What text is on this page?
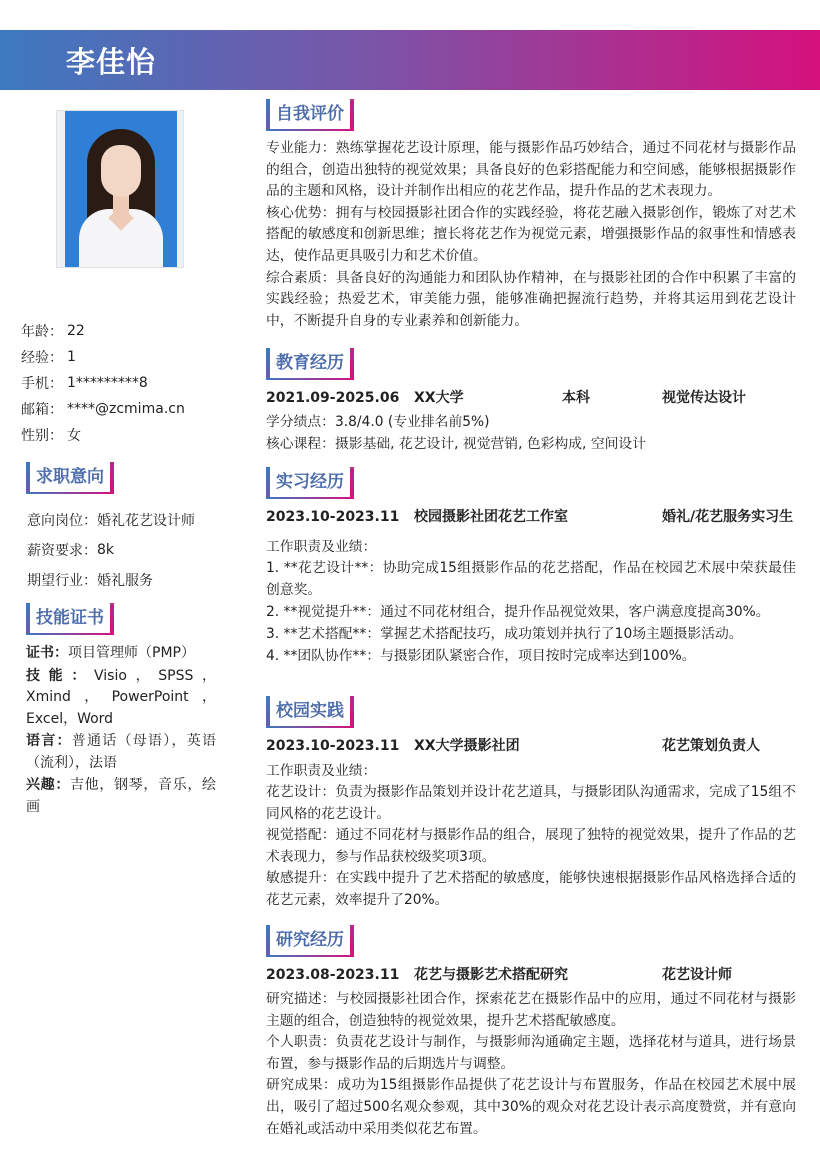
李佳怡
年龄： 22
经验： 1
手机： 1*********8
邮箱： ****@zcmima.cn
性别： 女
求职意向
意向岗位： 婚礼花艺设计师
薪资要求： 8k
期望行业： 婚礼服务
技能证书
证书：项目管理师（PMP）
技能：Visio，SPSS，Xmind，PowerPoint，Excel，Word
语言：普通话（母语），英语（流利），法语
兴趣：吉他，钢琴，音乐，绘画
自我评价

专业能力：熟练掌握花艺设计原理，能与摄影作品巧妙结合，通过不同花材与摄影作品的组合，创造出独特的视觉效果；具备良好的色彩搭配能力和空间感，能够根据摄影作品的主题和风格，设计并制作出相应的花艺作品，提升作品的艺术表现力。

核心优势：拥有与校园摄影社团合作的实践经验，将花艺融入摄影创作，锻炼了对艺术搭配的敏感度和创新思维；擅长将花艺作为视觉元素，增强摄影作品的叙事性和情感表达，使作品更具吸引力和艺术价值。

综合素质：具备良好的沟通能力和团队协作精神，在与摄影社团的合作中积累了丰富的实践经验；热爱艺术，审美能力强，能够准确把握流行趋势，并将其运用到花艺设计中，不断提升自身的专业素养和创新能力。

教育经历
2021.09-2025.06	XX大学	本科	视觉传达设计
学分绩点：3.8/4.0 (专业排名前5%)
核心课程：摄影基础, 花艺设计, 视觉营销, 色彩构成, 空间设计
实习经历
2023.10-2023.11	校园摄影社团花艺工作室	婚礼/花艺服务实习生
工作职责及业绩：
1. **花艺设计**：协助完成15组摄影作品的花艺搭配，作品在校园艺术展中荣获最佳创意奖。
2. **视觉提升**：通过不同花材组合，提升作品视觉效果，客户满意度提高30%。
3. **艺术搭配**：掌握艺术搭配技巧，成功策划并执行了10场主题摄影活动。
4. **团队协作**：与摄影团队紧密合作，项目按时完成率达到100%。
校园实践
2023.10-2023.11	XX大学摄影社团	花艺策划负责人
工作职责及业绩：
花艺设计：负责为摄影作品策划并设计花艺道具，与摄影团队沟通需求，完成了15组不同风格的花艺设计。
视觉搭配：通过不同花材与摄影作品的组合，展现了独特的视觉效果，提升了作品的艺术表现力，参与作品获校级奖项3项。
敏感提升：在实践中提升了艺术搭配的敏感度，能够快速根据摄影作品风格选择合适的花艺元素，效率提升了20%。
研究经历
2023.08-2023.11	花艺与摄影艺术搭配研究	花艺设计师
研究描述：与校园摄影社团合作，探索花艺在摄影作品中的应用，通过不同花材与摄影主题的组合，创造独特的视觉效果，提升艺术搭配敏感度。
个人职责：负责花艺设计与制作，与摄影师沟通确定主题，选择花材与道具，进行场景布置，参与摄影作品的后期选片与调整。
研究成果：成功为15组摄影作品提供了花艺设计与布置服务，作品在校园艺术展中展出，吸引了超过500名观众参观，其中30%的观众对花艺设计表示高度赞赏，并有意向在婚礼或活动中采用类似花艺布置。
